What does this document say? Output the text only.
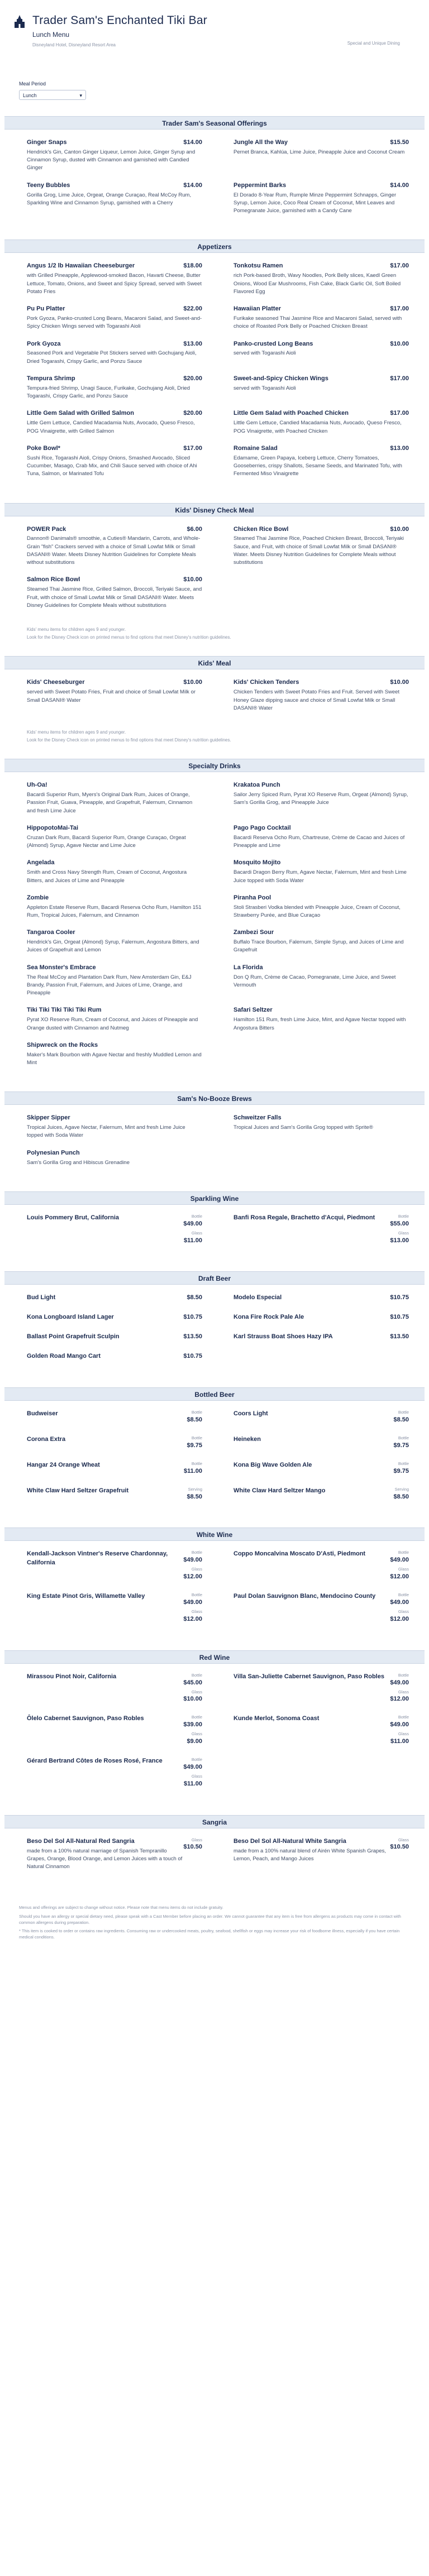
Trader Sam's Enchanted Tiki Bar
Lunch Menu
Disneyland Hotel, Disneyland Resort Area	Special and Unique Dining
Meal Period
Lunch	▾
Trader Sam's Seasonal Offerings
Ginger Snaps	$14.00
Hendrick's Gin, Canton Ginger Liqueur, Lemon Juice, Ginger Syrup and Cinnamon Syrup, dusted with Cinnamon and garnished with Candied Ginger
Jungle All the Way	$15.50
Pernet Branca, Kahlúa, Lime Juice, Pineapple Juice and Coconut Cream
Teeny Bubbles	$14.00
Gorilla Grog, Lime Juice, Orgeat, Orange Curaçao, Real McCoy Rum, Sparkling Wine and Cinnamon Syrup, garnished with a Cherry
Peppermint Barks	$14.00
El Dorado 8-Year Rum, Rumple Minze Peppermint Schnapps, Ginger Syrup, Lemon Juice, Coco Real Cream of Coconut, Mint Leaves and Pomegranate Juice, garnished with a Candy Cane
Appetizers
Angus 1/2 lb Hawaiian Cheeseburger	$18.00
with Grilled Pineapple, Applewood-smoked Bacon, Havarti Cheese, Butter Lettuce, Tomato, Onions, and Sweet and Spicy Spread, served with Sweet Potato Fries
Tonkotsu Ramen	$17.00
rich Pork-based Broth, Wavy Noodles, Pork Belly slices, Kaedl Green Onions, Wood Ear Mushrooms, Fish Cake, Black Garlic Oil, Soft Boiled Flavored Egg
Pu Pu Platter	$22.00
Pork Gyoza, Panko-crusted Long Beans, Macaroni Salad, and Sweet-and-Spicy Chicken Wings served with Togarashi Aioli
Hawaiian Platter	$17.00
Furikake seasoned Thai Jasmine Rice and Macaroni Salad, served with choice of Roasted Pork Belly or Poached Chicken Breast
Pork Gyoza	$13.00
Seasoned Pork and Vegetable Pot Stickers served with Gochujang Aioli, Dried Togarashi, Crispy Garlic, and Ponzu Sauce
Panko-crusted Long Beans	$10.00
served with Togarashi Aioli
Tempura Shrimp	$20.00
Tempura-fried Shrimp, Unagi Sauce, Furikake, Gochujang Aioli, Dried Togarashi, Crispy Garlic, and Ponzu Sauce
Sweet-and-Spicy Chicken Wings	$17.00
served with Togarashi Aioli
Little Gem Salad with Grilled Salmon	$20.00
Little Gem Lettuce, Candied Macadamia Nuts, Avocado, Queso Fresco, POG Vinaigrette, with Grilled Salmon
Little Gem Salad with Poached Chicken	$17.00
Little Gem Lettuce, Candied Macadamia Nuts, Avocado, Queso Fresco, POG Vinaigrette, with Poached Chicken
Poke Bowl*	$17.00
Sushi Rice, Togarashi Aioli, Crispy Onions, Smashed Avocado, Sliced Cucumber, Masago, Crab Mix, and Chili Sauce served with choice of Ahi Tuna, Salmon, or Marinated Tofu
Romaine Salad	$13.00
Edamame, Green Papaya, Iceberg Lettuce, Cherry Tomatoes, Gooseberries, crispy Shallots, Sesame Seeds, and Marinated Tofu, with Fermented Miso Vinaigrette
Kids' Disney Check Meal
POWER Pack	$6.00
Dannon® Danimals® smoothie, a Cuties® Mandarin, Carrots, and Whole-Grain "fish" Crackers served with a choice of Small Lowfat Milk or Small DASANI® Water. Meets Disney Nutrition Guidelines for Complete Meals without substitutions
Chicken Rice Bowl	$10.00
Steamed Thai Jasmine Rice, Poached Chicken Breast, Broccoli, Teriyaki Sauce, and Fruit, with choice of Small Lowfat Milk or Small DASANI® Water. Meets Disney Nutrition Guidelines for Complete Meals without substitutions
Salmon Rice Bowl	$10.00
Steamed Thai Jasmine Rice, Grilled Salmon, Broccoli, Teriyaki Sauce, and Fruit, with choice of Small Lowfat Milk or Small DASANI® Water. Meets Disney Guidelines for Complete Meals without substitutions

Kids' menu items for children ages 9 and younger.

Look for the Disney Check icon on printed menus to find options that meet Disney's nutrition guidelines.

Kids' Meal
Kids' Cheeseburger	$10.00
served with Sweet Potato Fries, Fruit and choice of Small Lowfat Milk or Small DASANI® Water
Kids' Chicken Tenders	$10.00
Chicken Tenders with Sweet Potato Fries and Fruit. Served with Sweet Honey Glaze dipping sauce and choice of Small Lowfat Milk or Small DASANI® Water

Kids' menu items for children ages 9 and younger.

Look for the Disney Check icon on printed menus to find options that meet Disney's nutrition guidelines.

Specialty Drinks
Uh-Oa!
Bacardi Superior Rum, Myers's Original Dark Rum, Juices of Orange, Passion Fruit, Guava, Pineapple, and Grapefruit, Falernum, Cinnamon and fresh Lime Juice
Krakatoa Punch
Sailor Jerry Spiced Rum, Pyrat XO Reserve Rum, Orgeat (Almond) Syrup, Sam's Gorilla Grog, and Pineapple Juice
HippopotoMai-Tai
Cruzan Dark Rum, Bacardi Superior Rum, Orange Curaçao, Orgeat (Almond) Syrup, Agave Nectar and Lime Juice
Pago Pago Cocktail
Bacardi Reserva Ocho Rum, Chartreuse, Crème de Cacao and Juices of Pineapple and Lime
Angelada
Smith and Cross Navy Strength Rum, Cream of Coconut, Angostura Bitters, and Juices of Lime and Pineapple
Mosquito Mojito
Bacardi Dragon Berry Rum, Agave Nectar, Falernum, Mint and fresh Lime Juice topped with Soda Water
Zombie
Appleton Estate Reserve Rum, Bacardi Reserva Ocho Rum, Hamilton 151 Rum, Tropical Juices, Falernum, and Cinnamon
Piranha Pool
Stoli Strasberi Vodka blended with Pineapple Juice, Cream of Coconut, Strawberry Purée, and Blue Curaçao
Tangaroa Cooler
Hendrick's Gin, Orgeat (Almond) Syrup, Falernum, Angostura Bitters, and Juices of Grapefruit and Lemon
Zambezi Sour
Buffalo Trace Bourbon, Falernum, Simple Syrup, and Juices of Lime and Grapefruit
Sea Monster's Embrace
The Real McCoy and Plantation Dark Rum, New Amsterdam Gin, E&J Brandy, Passion Fruit, Falernum, and Juices of Lime, Orange, and Pineapple
La Florida
Don Q Rum, Crème de Cacao, Pomegranate, Lime Juice, and Sweet Vermouth
Tiki Tiki Tiki Tiki Tiki Rum
Pyrat XO Reserve Rum, Cream of Coconut, and Juices of Pineapple and Orange dusted with Cinnamon and Nutmeg
Safari Seltzer
Hamilton 151 Rum, fresh Lime Juice, Mint, and Agave Nectar topped with Angostura Bitters
Shipwreck on the Rocks
Maker's Mark Bourbon with Agave Nectar and freshly Muddled Lemon and Mint
Sam's No-Booze Brews
Skipper Sipper
Tropical Juices, Agave Nectar, Falernum, Mint and fresh Lime Juice topped with Soda Water
Schweitzer Falls
Tropical Juices and Sam's Gorilla Grog topped with Sprite®
Polynesian Punch
Sam's Gorilla Grog and Hibiscus Grenadine
Sparkling Wine
Louis Pommery Brut, California	Bottle
$49.00
Glass
$11.00
Banfi Rosa Regale, Brachetto d'Acqui, Piedmont	Bottle
$55.00
Glass
$13.00
Draft Beer
Bud Light	$8.50	Modelo Especial	$10.75
Kona Longboard Island Lager	$10.75	Kona Fire Rock Pale Ale	$10.75
Ballast Point Grapefruit Sculpin	$13.50	Karl Strauss Boat Shoes Hazy IPA	$13.50
Golden Road Mango Cart	$10.75
Bottled Beer
Budweiser	Bottle
$8.50
Coors Light	Bottle
$8.50
Corona Extra	Bottle
$9.75
Heineken	Bottle
$9.75
Hangar 24 Orange Wheat	Bottle
$11.00
Kona Big Wave Golden Ale	Bottle
$9.75
White Claw Hard Seltzer Grapefruit	Serving
$8.50
White Claw Hard Seltzer Mango	Serving
$8.50
White Wine
Kendall-Jackson Vintner's Reserve Chardonnay, California
Bottle
$49.00
Glass
$12.00
Coppo Moncalvina Moscato D'Asti, Piedmont	Bottle
$49.00
Glass
$12.00
King Estate Pinot Gris, Willamette Valley	Bottle
$49.00
Glass
$12.00
Paul Dolan Sauvignon Blanc, Mendocino County	Bottle
$49.00
Glass
$12.00
Red Wine
Mirassou Pinot Noir, California	Bottle
$45.00
Glass
$10.00
Villa San-Juliette Cabernet Sauvignon, Paso Robles	Bottle
$49.00
Glass
$12.00
Ôlelo Cabernet Sauvignon, Paso Robles	Bottle
$39.00
Glass
$9.00
Kunde Merlot, Sonoma Coast	Bottle
$49.00
Glass
$11.00
Gérard Bertrand Côtes de Roses Rosé, France	Bottle
$49.00
Glass
$11.00
Sangria
Beso Del Sol All-Natural Red Sangria
made from a 100% natural marriage of Spanish Tempranillo Grapes, Orange, Blood Orange, and Lemon Juices with a touch of Natural Cinnamon
Glass
$10.50
Beso Del Sol All-Natural White Sangria
made from a 100% natural blend of Airén White Spanish Grapes, Lemon, Peach, and Mango Juices
Glass
$10.50

Menus and offerings are subject to change without notice. Please note that menu items do not include gratuity.

Should you have an allergy or special dietary need, please speak with a Cast Member before placing an order. We cannot guarantee that any item is free from allergens as products may come in contact with common allergens during preparation.

* This item is cooked to order or contains raw ingredients. Consuming raw or undercooked meats, poultry, seafood, shellfish or eggs may increase your risk of foodborne illness, especially if you have certain medical conditions.
